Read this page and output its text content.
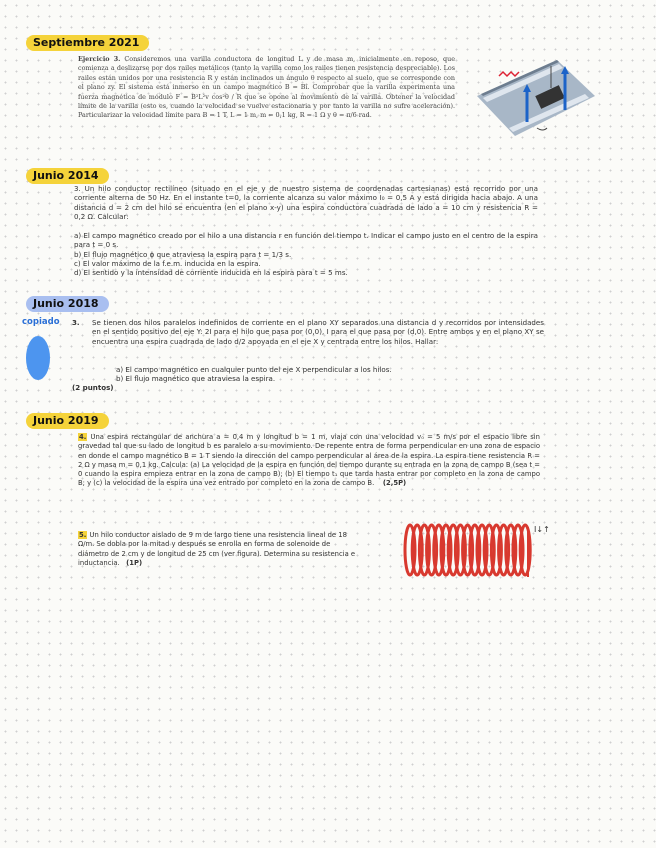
Septiembre 2021
Ejercicio 3. Consideremos una varilla conductora de longitud L y de masa m, inicialmente en reposo, que comienza a deslizarse por dos railes metálicos (tanto la varilla como los railes tienen resistencia despreciable). Los railes están unidos por una resistencia R y están inclinados un ángulo θ respecto al suelo, que se corresponde con el plano zy. El sistema está inmerso en un campo magnético B = Bî. Comprobar que la varilla experimenta una fuerza magnética de módulo F = B²L²v cos²θ / R que se opone al movimiento de la varilla. Obtener la velocidad límite de la varilla (esto es, cuando la velocidad se vuelve estacionaria y por tanto la varilla no sufre aceleración). Particularizar la velocidad límite para B = 1 T, L = 1 m, m = 0,1 kg, R = 1 Ω y θ = π/6 rad.
Junio 2014
3. Un hilo conductor rectilíneo (situado en el eje y de nuestro sistema de coordenadas cartesianas) está recorrido por una corriente alterna de 50 Hz. En el instante t=0, la corriente alcanza su valor máximo I₀ = 0,5 A y está dirigida hacia abajo. A una distancia d = 2 cm del hilo se encuentra (en el plano x-y) una espira conductora cuadrada de lado a = 10 cm y resistencia R = 0,2 Ω. Calcular:
a) El campo magnético creado por el hilo a una distancia r en función del tiempo t. Indicar el campo justo en el centro de la espira para t = 0 s.
b) El flujo magnético ϕ que atraviesa la espira para t = 1/3 s.
c) El valor máximo de la f.e.m. inducida en la espira.
d) El sentido y la intensidad de corriente inducida en la espira para t = 5 ms.
Junio 2018
copiado 3. Se tienen dos hilos paralelos indefinidos de corriente en el plano XY separados una distancia d y recorridos por intensidades en el sentido positivo del eje Y: 2I para el hilo que pasa por (0,0), I para el que pasa por (d,0). Entre ambos y en el plano XY se encuentra una espira cuadrada de lado d/2 apoyada en el eje X y centrada entre los hilos. Hallar:
a) El campo magnético en cualquier punto del eje X perpendicular a los hilos.
b) El flujo magnético que atraviesa la espira.
(2 puntos)
Junio 2019
4. Una espira rectangular de anchura a = 0,4 m y longitud b = 1 m, viaja con una velocidad v₀ = 5 m/s por el espacio libre sin gravedad tal que su lado de longitud b es paralelo a su movimiento. De repente entra de forma perpendicular en una zona de espacio en donde el campo magnético B = 1 T siendo la dirección del campo perpendicular al área de la espira. La espira tiene resistencia R = 2 Ω y masa m = 0,1 kg. Calcula: (a) La velocidad de la espira en función del tiempo durante su entrada en la zona de campo B (sea t = 0 cuando la espira empieza entrar en la zona de campo B); (b) El tiempo t₁ que tarda hasta entrar por completo en la zona de campo B; y (c) la velocidad de la espira una vez entrado por completo en la zona de campo B. (2,5P)
5. Un hilo conductor aislado de 9 m de largo tiene una resistencia lineal de 18 Ω/m. Se dobla por la mitad y después se enrolla en forma de solenoide de diámetro de 2 cm y de longitud de 25 cm (ver figura). Determina su resistencia e inductancia. (1P)
I↓↑
